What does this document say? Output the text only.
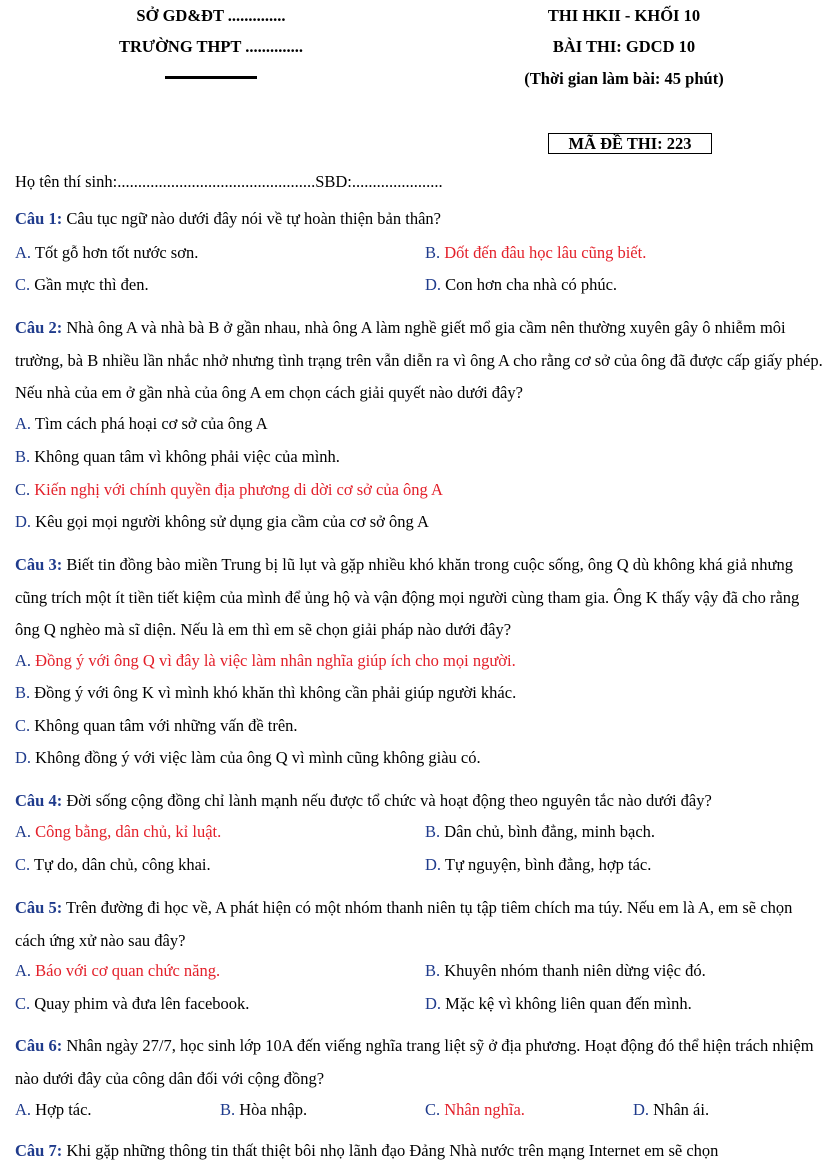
SỞ GD&ĐT ..............
TRƯỜNG THPT ..............
THI HKII - KHỐI 10
BÀI THI: GDCD 10
(Thời gian làm bài: 45 phút)
MÃ ĐỀ THI: 223
Họ tên thí sinh:................................................SBD:......................
Câu 1: Câu tục ngữ nào dưới đây nói về tự hoàn thiện bản thân?
A. Tốt gỗ hơn tốt nước sơn.	B. Dốt đến đâu học lâu cũng biết.
C. Gần mực thì đen.	D. Con hơn cha nhà có phúc.
Câu 2: Nhà ông A và nhà bà B ở gần nhau, nhà ông A làm nghề giết mổ gia cầm nên thường xuyên gây ô nhiễm môi trường, bà B nhiều lần nhắc nhở nhưng tình trạng trên vẫn diễn ra vì ông A cho rằng cơ sở của ông đã được cấp giấy phép. Nếu nhà của em ở gần nhà của ông A em chọn cách giải quyết nào dưới đây?
A. Tìm cách phá hoại cơ sở của ông A
B. Không quan tâm vì không phải việc của mình.
C. Kiến nghị với chính quyền địa phương di dời cơ sở của ông A
D. Kêu gọi mọi người không sử dụng gia cầm của cơ sở ông A
Câu 3: Biết tin đồng bào miền Trung bị lũ lụt và gặp nhiều khó khăn trong cuộc sống, ông Q dù không khá giả nhưng cũng trích một ít tiền tiết kiệm của mình để ủng hộ và vận động mọi người cùng tham gia. Ông K thấy vậy đã cho rằng ông Q nghèo mà sĩ diện. Nếu là em thì em sẽ chọn giải pháp nào dưới đây?
A. Đồng ý với ông Q vì đây là việc làm nhân nghĩa giúp ích cho mọi người.
B. Đồng ý với ông K vì mình khó khăn thì không cần phải giúp người khác.
C. Không quan tâm với những vấn đề trên.
D. Không đồng ý với việc làm của ông Q vì mình cũng không giàu có.
Câu 4: Đời sống cộng đồng chỉ lành mạnh nếu được tổ chức và hoạt động theo nguyên tắc nào dưới đây?
A. Công bằng, dân chủ, kỉ luật.	B. Dân chủ, bình đẳng, minh bạch.
C. Tự do, dân chủ, công khai.	D. Tự nguyện, bình đẳng, hợp tác.
Câu 5: Trên đường đi học về, A phát hiện có một nhóm thanh niên tụ tập tiêm chích ma túy. Nếu em là A, em sẽ chọn cách ứng xử nào sau đây?
A. Báo với cơ quan chức năng.	B. Khuyên nhóm thanh niên dừng việc đó.
C. Quay phim và đưa lên facebook.	D. Mặc kệ vì không liên quan đến mình.
Câu 6: Nhân ngày 27/7, học sinh lớp 10A đến viếng nghĩa trang liệt sỹ ở địa phương. Hoạt động đó thể hiện trách nhiệm nào dưới đây của công dân đối với cộng đồng?
A. Hợp tác.	B. Hòa nhập.	C. Nhân nghĩa.	D. Nhân ái.
Câu 7: Khi gặp những thông tin thất thiệt bôi nhọ lãnh đạo Đảng Nhà nước trên mạng Internet em sẽ chọn
